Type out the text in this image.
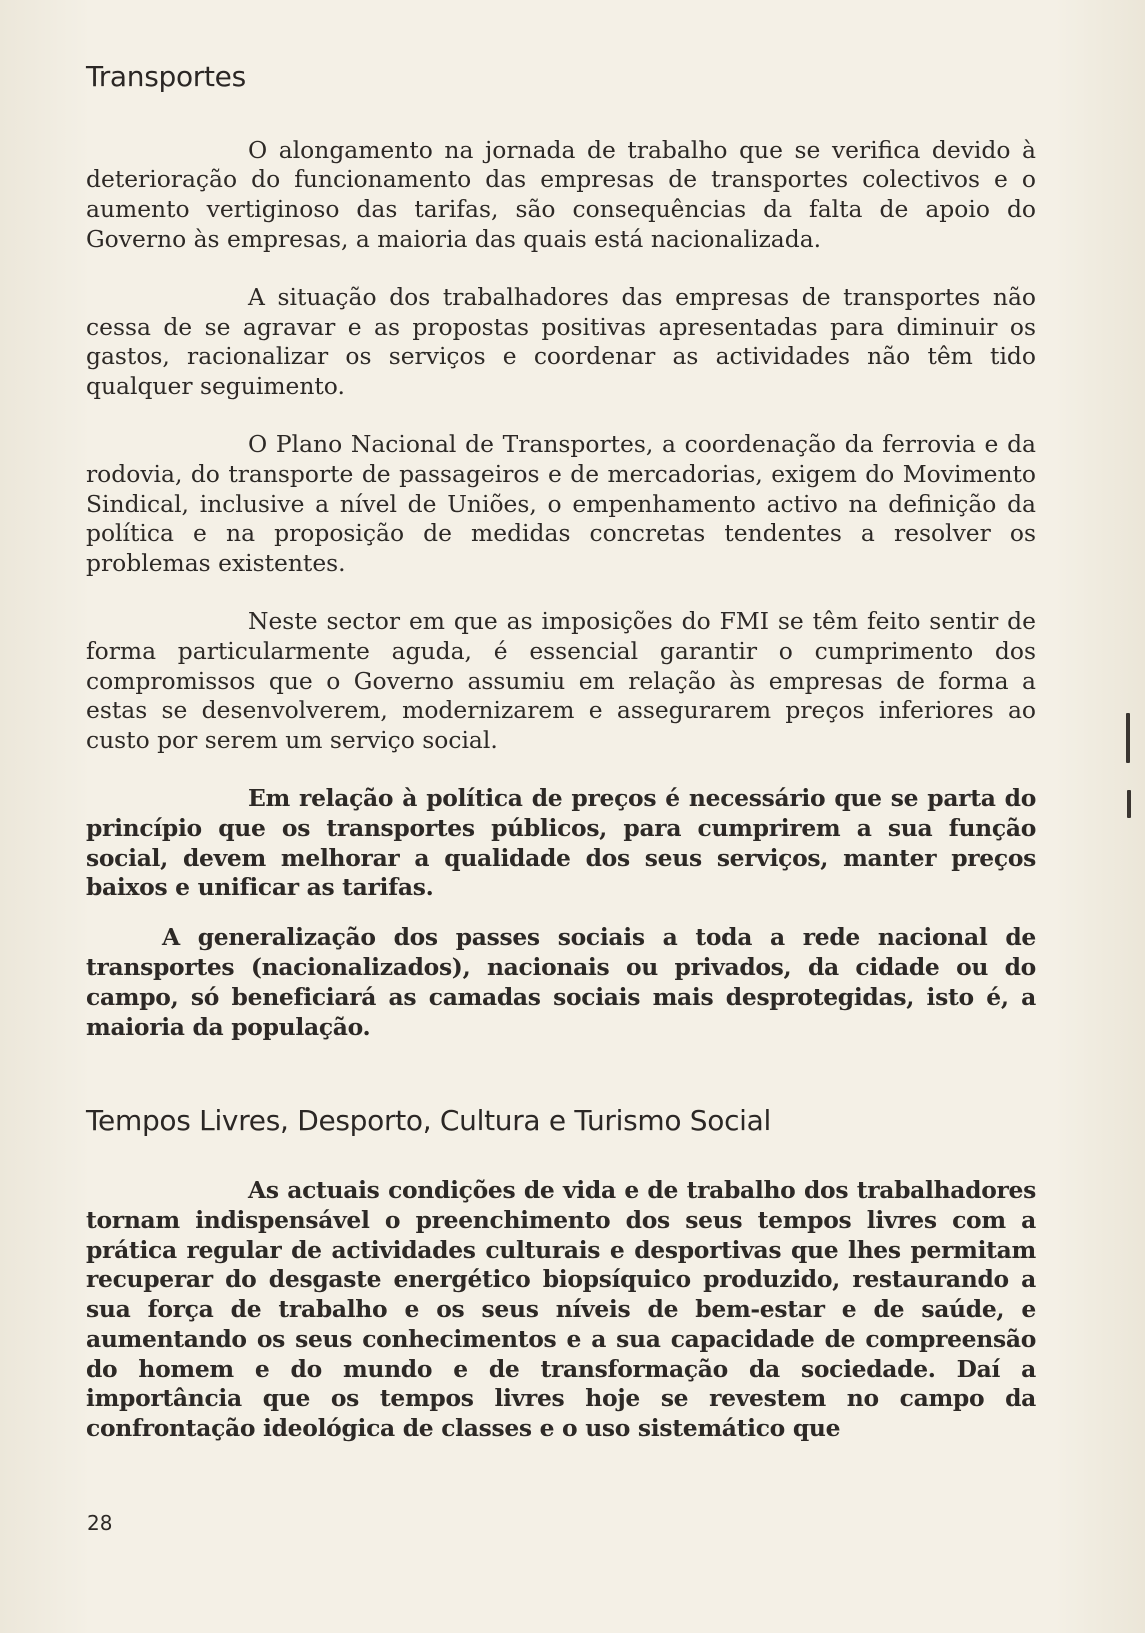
Transportes

O alongamento na jornada de trabalho que se verifica devido à deterioração do funcionamento das empresas de transportes colectivos e o aumento vertiginoso das tarifas, são consequências da falta de apoio do Governo às empresas, a maioria das quais está nacionalizada.

A situação dos trabalhadores das empresas de transportes não cessa de se agravar e as propostas positivas apresentadas para diminuir os gastos, racionalizar os serviços e coordenar as actividades não têm tido qualquer seguimento.

O Plano Nacional de Transportes, a coordenação da ferrovia e da rodovia, do transporte de passageiros e de mercadorias, exigem do Movimento Sindical, inclusive a nível de Uniões, o empenhamento activo na definição da política e na proposição de medidas concretas tendentes a resolver os problemas existentes.

Neste sector em que as imposições do FMI se têm feito sentir de forma particularmente aguda, é essencial garantir o cumprimento dos compromissos que o Governo assumiu em relação às empresas de forma a estas se desenvolverem, modernizarem e assegurarem preços inferiores ao custo por serem um serviço social.

Em relação à política de preços é necessário que se parta do princípio que os transportes públicos, para cumprirem a sua função social, devem melhorar a qualidade dos seus serviços, manter preços baixos e unificar as tarifas.

A generalização dos passes sociais a toda a rede nacional de transportes (nacionalizados), nacionais ou privados, da cidade ou do campo, só beneficiará as camadas sociais mais desprotegidas, isto é, a maioria da população.

Tempos Livres, Desporto, Cultura e Turismo Social

As actuais condições de vida e de trabalho dos trabalhadores tornam indispensável o preenchimento dos seus tempos livres com a prática regular de actividades culturais e desportivas que lhes permitam recuperar do desgaste energético biopsíquico produzido, restaurando a sua força de trabalho e os seus níveis de bem-estar e de saúde, e aumentando os seus conhecimentos e a sua capacidade de compreensão do homem e do mundo e de transformação da sociedade. Daí a importância que os tempos livres hoje se revestem no campo da confrontação ideológica de classes e o uso sistemático que

28
